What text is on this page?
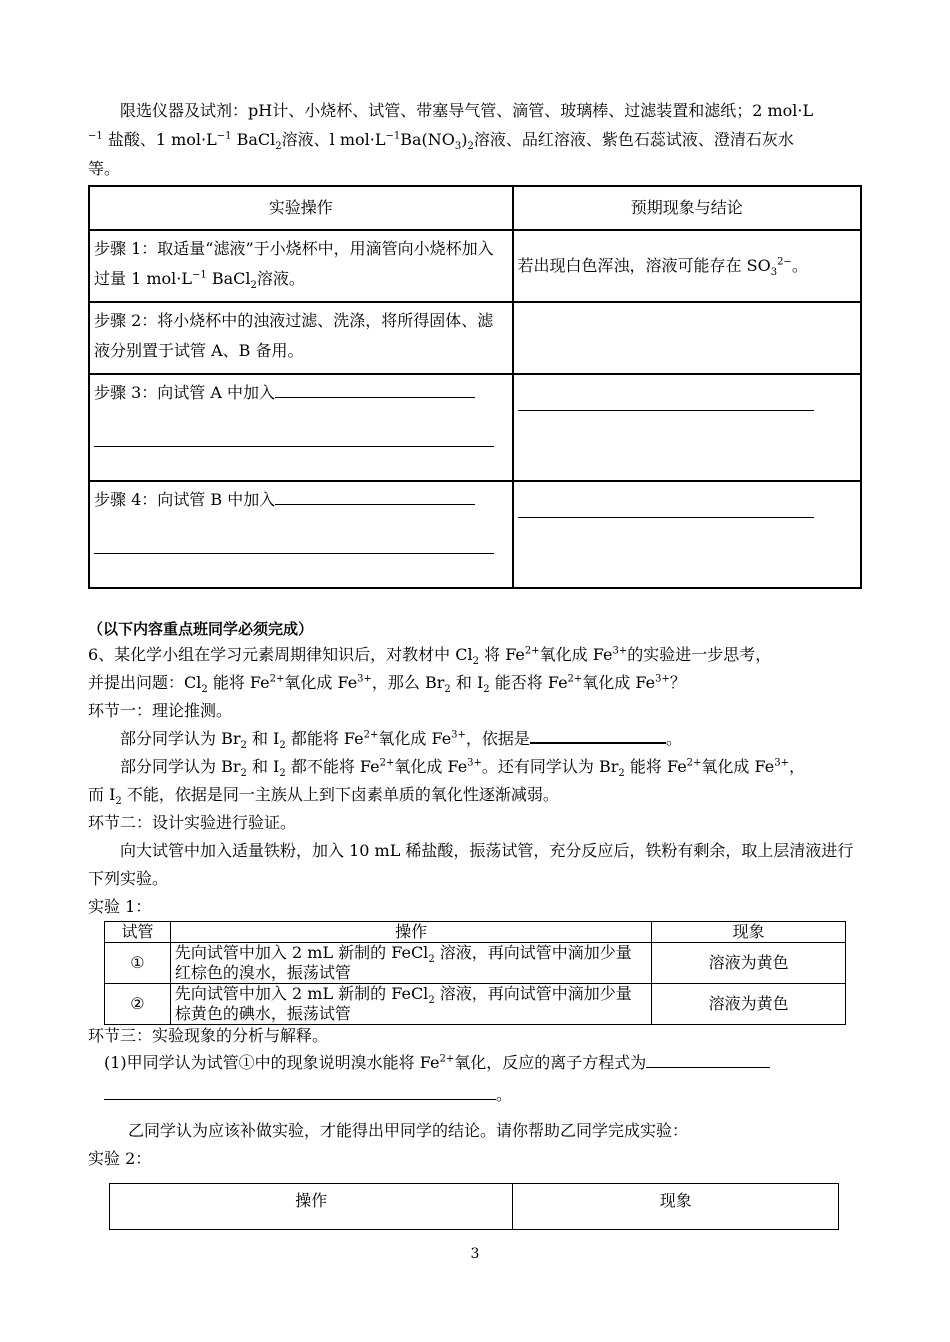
限选仪器及试剂：pH计、小烧杯、试管、带塞导气管、滴管、玻璃棒、过滤装置和滤纸；2 mol·L
$^{-1}$ 盐酸、1 $mol\cdot L^{-1}$ BaCl$_2$溶液、l $mol\cdot L^{-1}Ba(NO_3)_2$溶液、品红溶液、紫色石蕊试液、澄清石灰水
等。
实验操作	预期现象与结论
步骤 1：取适量“滤液”于小烧杯中，用滴管向小烧杯加入过量 1 $mol\cdot L^{-1}$ BaCl$_2$溶液。	若出现白色浑浊，溶液可能存在 $SO_3^{2-}$。
步骤 2：将小烧杯中的浊液过滤、洗涤，将所得固体、滤液分别置于试管 A、B 备用。	
步骤 3：向试管 A 中加入

步骤 4：向试管 B 中加入

（以下内容重点班同学必须完成）
6、某化学小组在学习元素周期律知识后，对教材中 $Cl_2$ 将 $Fe^{2+}$氧化成 $Fe^{3+}$的实验进一步思考，
并提出问题：$Cl_2$ 能将 $Fe^{2+}$氧化成 $Fe^{3+}$，那么 $Br_2$ 和 $I_2$ 能否将 $Fe^{2+}$氧化成 $Fe^{3+}$？
环节一：理论推测。
部分同学认为 $Br_2$ 和 $I_2$ 都能将 $Fe^{2+}$氧化成 $Fe^{3+}$，依据是	。
部分同学认为 $Br_2$ 和 $I_2$ 都不能将 $Fe^{2+}$氧化成 $Fe^{3+}$。还有同学认为 $Br_2$ 能将 $Fe^{2+}$氧化成 $Fe^{3+}$，
而 $I_2$ 不能，依据是同一主族从上到下卤素单质的氧化性逐渐减弱。
环节二：设计实验进行验证。
向大试管中加入适量铁粉，加入 10 mL 稀盐酸，振荡试管，充分反应后，铁粉有剩余，取上层清液进行下列实验。
实验 1：
试管	操作	现象
①	先向试管中加入 2 mL 新制的 FeCl$_2$ 溶液，再向试管中滴加少量红棕色的溴水，振荡试管	溶液为黄色
②	先向试管中加入 2 mL 新制的 FeCl$_2$ 溶液，再向试管中滴加少量棕黄色的碘水，振荡试管	溶液为黄色
环节三：实验现象的分析与解释。
(1)甲同学认为试管①中的现象说明溴水能将 $Fe^{2+}$氧化，反应的离子方程式为
。
乙同学认为应该补做实验，才能得出甲同学的结论。请你帮助乙同学完成实验：
实验 2：
操作	现象
3
